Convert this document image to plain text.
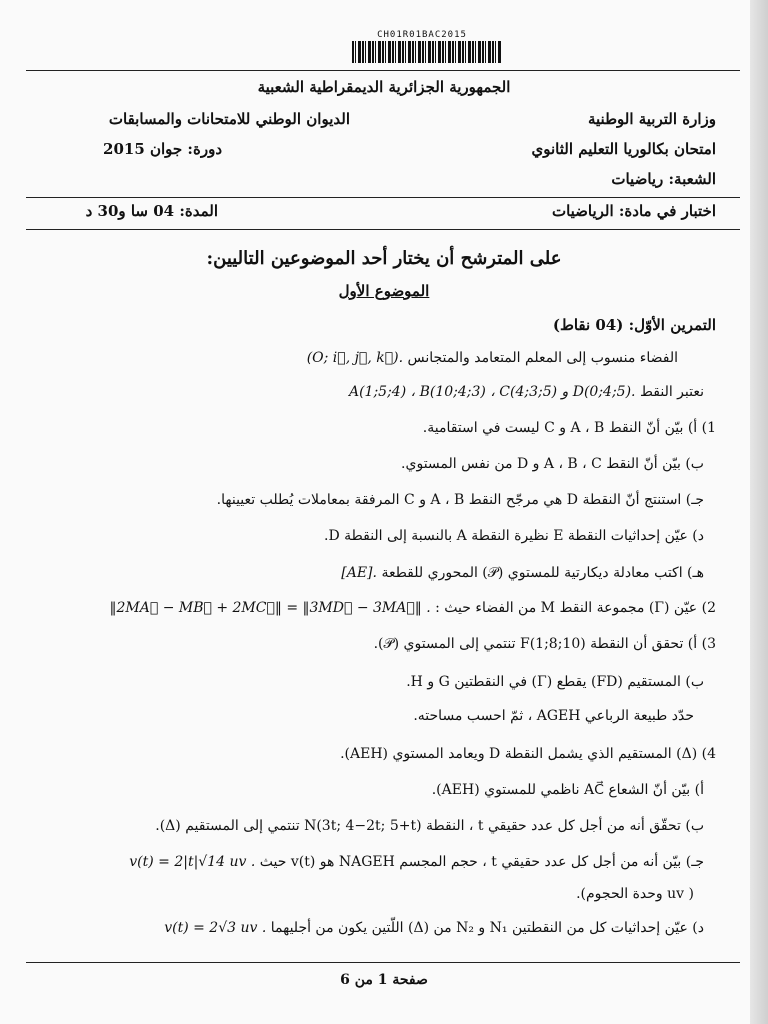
CH01R01BAC2015
الجمهورية الجزائرية الديمقراطية الشعبية
وزارة التربية الوطنية
الديوان الوطني للامتحانات والمسابقات
امتحان بكالوريا التعليم الثانوي
دورة: جوان 2015
الشعبة: رياضيات
اختبار في مادة: الرياضيات
المدة: 04 سا و30 د
على المترشح أن يختار أحد الموضوعين التاليين:
الموضوع الأول
التمرين الأوّل: (04 نقاط)
الفضاء منسوب إلى المعلم المتعامد والمتجانس (O; i⃗, j⃗, k⃗).
نعتبر النقط A(1;5;4) ، B(10;4;3) ، C(4;3;5) و D(0;4;5).
1) أ) بيّن أنّ النقط A ، B و C ليست في استقامية.
ب) بيّن أنّ النقط A ، B ، C و D من نفس المستوي.
جـ) استنتج أنّ النقطة D هي مرجّح النقط A ، B و C المرفقة بمعاملات يُطلب تعيينها.
د) عيّن إحداثيات النقطة E نظيرة النقطة A بالنسبة إلى النقطة D.
هـ) اكتب معادلة ديكارتية للمستوي (𝒫) المحوري للقطعة [AE].
2) عيّن (Γ) مجموعة النقط M من الفضاء حيث : ‖2MA⃗ − MB⃗ + 2MC⃗‖ = ‖3MD⃗ − 3MA⃗‖ .
3) أ) تحقق أن النقطة F(1;8;10) تنتمي إلى المستوي (𝒫).
ب) المستقيم (FD) يقطع (Γ) في النقطتين G و H.
حدّد طبيعة الرباعي AGEH ، ثمّ احسب مساحته.
4) (Δ) المستقيم الذي يشمل النقطة D ويعامد المستوي (AEH).
أ) بيّن أنّ الشعاع AC⃗ ناظمي للمستوي (AEH).
ب) تحقّق أنه من أجل كل عدد حقيقي t ، النقطة N(3t; 4−2t; 5+t) تنتمي إلى المستقيم (Δ).
جـ) بيّن أنه من أجل كل عدد حقيقي t ، حجم المجسم NAGEH هو v(t) حيث v(t) = 2|t|√14 uv .
( uv وحدة الحجوم).
د) عيّن إحداثيات كل من النقطتين N₁ و N₂ من (Δ) اللّتين يكون من أجليهما v(t) = 2√3 uv .
صفحة 1 من 6
